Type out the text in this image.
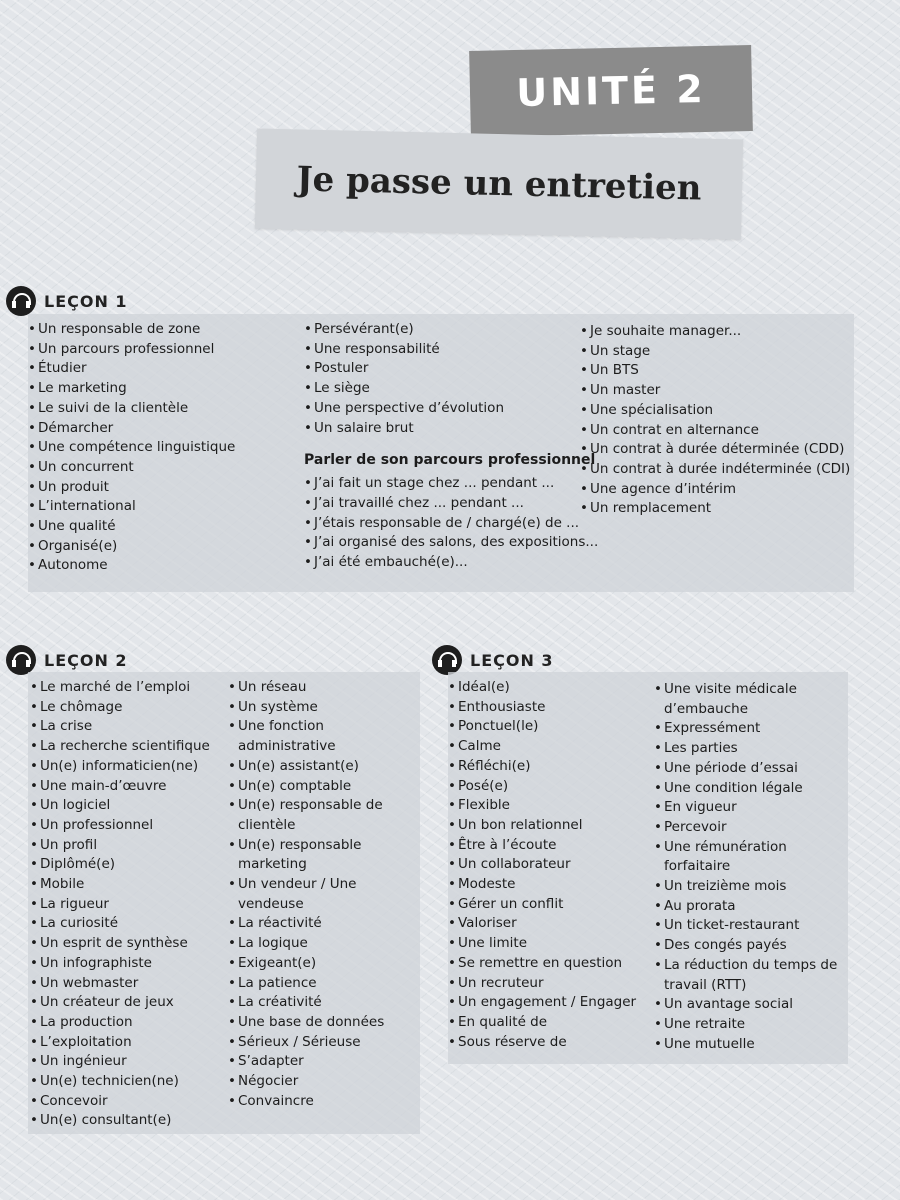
UNITÉ 2
Je passe un entretien
LEÇON 1
• Un responsable de zone
• Un parcours professionnel
• Étudier
• Le marketing
• Le suivi de la clientèle
• Démarcher
• Une compétence linguistique
• Un concurrent
• Un produit
• L’international
• Une qualité
• Organisé(e)
• Autonome
• Persévérant(e)
• Une responsabilité
• Postuler
• Le siège
• Une perspective d’évolution
• Un salaire brut
Parler de son parcours professionnel
• J’ai fait un stage chez ... pendant ...
• J’ai travaillé chez ... pendant ...
• J’étais responsable de / chargé(e) de ...
• J’ai organisé des salons, des expositions...
• J’ai été embauché(e)...
• Je souhaite manager...
• Un stage
• Un BTS
• Un master
• Une spécialisation
• Un contrat en alternance
• Un contrat à durée déterminée (CDD)
• Un contrat à durée indéterminée (CDI)
• Une agence d’intérim
• Un remplacement
LEÇON 2
• Le marché de l’emploi
• Le chômage
• La crise
• La recherche scientifique
• Un(e) informaticien(ne)
• Une main-d’œuvre
• Un logiciel
• Un professionnel
• Un profil
• Diplômé(e)
• Mobile
• La rigueur
• La curiosité
• Un esprit de synthèse
• Un infographiste
• Un webmaster
• Un créateur de jeux
• La production
• L’exploitation
• Un ingénieur
• Un(e) technicien(ne)
• Concevoir
• Un(e) consultant(e)
• Un réseau
• Un système
• Une fonction administrative
• Un(e) assistant(e)
• Un(e) comptable
• Un(e) responsable de clientèle
• Un(e) responsable marketing
• Un vendeur / Une vendeuse
• La réactivité
• La logique
• Exigeant(e)
• La patience
• La créativité
• Une base de données
• Sérieux / Sérieuse
• S’adapter
• Négocier
• Convaincre
LEÇON 3
• Idéal(e)
• Enthousiaste
• Ponctuel(le)
• Calme
• Réfléchi(e)
• Posé(e)
• Flexible
• Un bon relationnel
• Être à l’écoute
• Un collaborateur
• Modeste
• Gérer un conflit
• Valoriser
• Une limite
• Se remettre en question
• Un recruteur
• Un engagement / Engager
• En qualité de
• Sous réserve de
• Une visite médicale d’embauche
• Expressément
• Les parties
• Une période d’essai
• Une condition légale
• En vigueur
• Percevoir
• Une rémunération forfaitaire
• Un treizième mois
• Au prorata
• Un ticket-restaurant
• Des congés payés
• La réduction du temps de travail (RTT)
• Un avantage social
• Une retraite
• Une mutuelle
